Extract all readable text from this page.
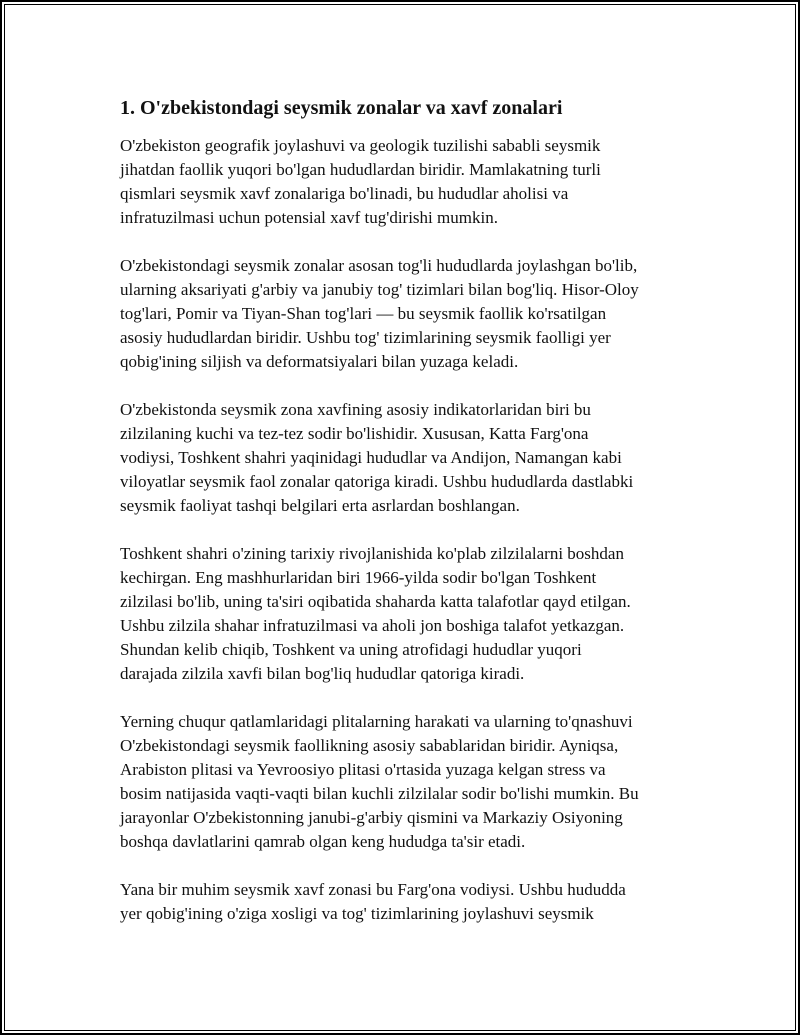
1. O'zbekistondagi seysmik zonalar va xavf zonalari

O'zbekiston geografik joylashuvi va geologik tuzilishi sababli seysmik
jihatdan faollik yuqori bo'lgan hududlardan biridir. Mamlakatning turli
qismlari seysmik xavf zonalariga bo'linadi, bu hududlar aholisi va
infratuzilmasi uchun potensial xavf tug'dirishi mumkin.

O'zbekistondagi seysmik zonalar asosan tog'li hududlarda joylashgan bo'lib,
ularning aksariyati g'arbiy va janubiy tog' tizimlari bilan bog'liq. Hisor-Oloy
tog'lari, Pomir va Tiyan-Shan tog'lari — bu seysmik faollik ko'rsatilgan
asosiy hududlardan biridir. Ushbu tog' tizimlarining seysmik faolligi yer
qobig'ining siljish va deformatsiyalari bilan yuzaga keladi.

O'zbekistonda seysmik zona xavfining asosiy indikatorlaridan biri bu
zilzilaning kuchi va tez-tez sodir bo'lishidir. Xususan, Katta Farg'ona
vodiysi, Toshkent shahri yaqinidagi hududlar va Andijon, Namangan kabi
viloyatlar seysmik faol zonalar qatoriga kiradi. Ushbu hududlarda dastlabki
seysmik faoliyat tashqi belgilari erta asrlardan boshlangan.

Toshkent shahri o'zining tarixiy rivojlanishida ko'plab zilzilalarni boshdan
kechirgan. Eng mashhurlaridan biri 1966-yilda sodir bo'lgan Toshkent
zilzilasi bo'lib, uning ta'siri oqibatida shaharda katta talafotlar qayd etilgan.
Ushbu zilzila shahar infratuzilmasi va aholi jon boshiga talafot yetkazgan.
Shundan kelib chiqib, Toshkent va uning atrofidagi hududlar yuqori
darajada zilzila xavfi bilan bog'liq hududlar qatoriga kiradi.

Yerning chuqur qatlamlaridagi plitalarning harakati va ularning to'qnashuvi
O'zbekistondagi seysmik faollikning asosiy sabablaridan biridir. Ayniqsa,
Arabiston plitasi va Yevroosiyo plitasi o'rtasida yuzaga kelgan stress va
bosim natijasida vaqti-vaqti bilan kuchli zilzilalar sodir bo'lishi mumkin. Bu
jarayonlar O'zbekistonning janubi-g'arbiy qismini va Markaziy Osiyoning
boshqa davlatlarini qamrab olgan keng hududga ta'sir etadi.

Yana bir muhim seysmik xavf zonasi bu Farg'ona vodiysi. Ushbu hududda
yer qobig'ining o'ziga xosligi va tog' tizimlarining joylashuvi seysmik
